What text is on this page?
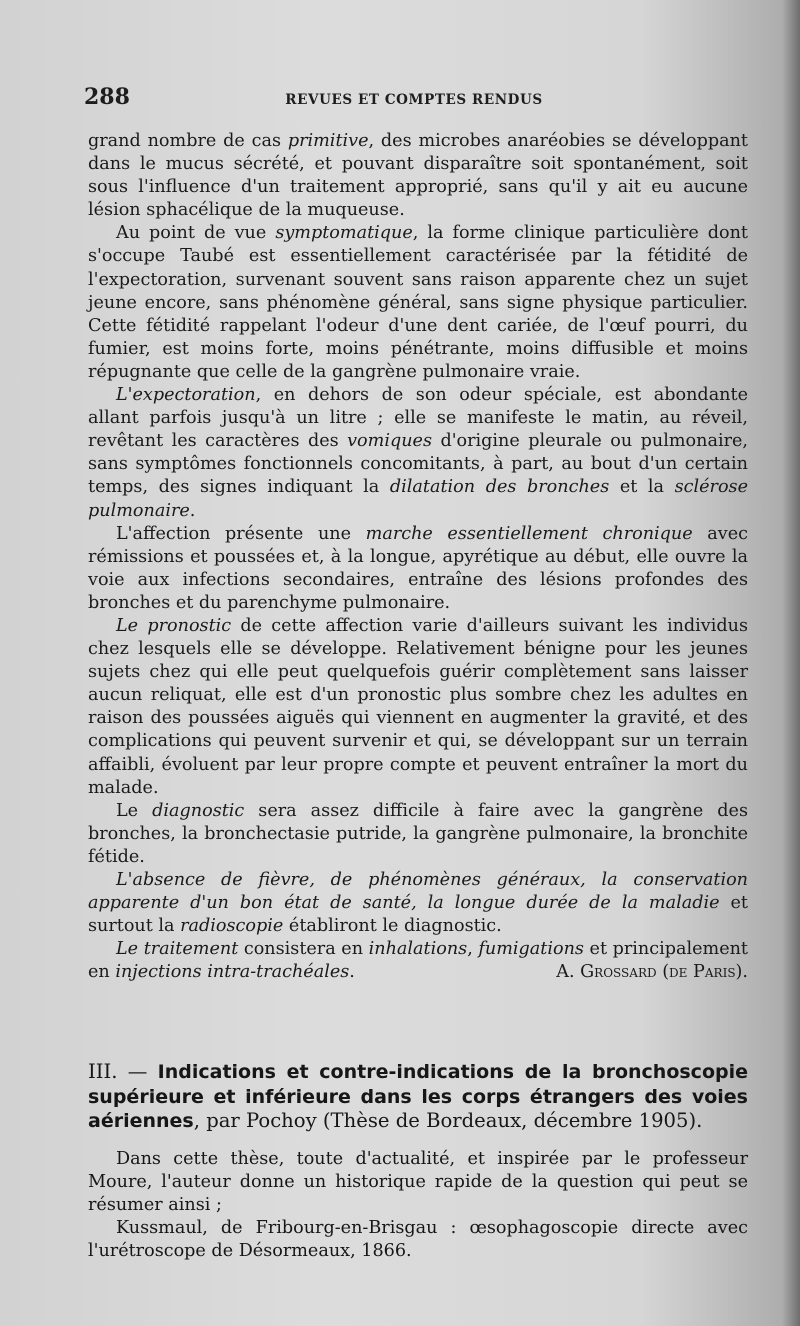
288	REVUES ET COMPTES RENDUS

grand nombre de cas primitive, des microbes anaréobies se développant dans le mucus sécrété, et pouvant disparaître soit spontanément, soit sous l'influence d'un traitement approprié, sans qu'il y ait eu aucune lésion sphacélique de la muqueuse.

Au point de vue symptomatique, la forme clinique particulière dont s'occupe Taubé est essentiellement caractérisée par la fétidité de l'expectoration, survenant souvent sans raison apparente chez un sujet jeune encore, sans phénomène général, sans signe physique particulier. Cette fétidité rappelant l'odeur d'une dent cariée, de l'œuf pourri, du fumier, est moins forte, moins pénétrante, moins diffusible et moins répugnante que celle de la gangrène pulmonaire vraie.

L'expectoration, en dehors de son odeur spéciale, est abondante allant parfois jusqu'à un litre ; elle se manifeste le matin, au réveil, revêtant les caractères des vomiques d'origine pleurale ou pulmonaire, sans symptômes fonctionnels concomitants, à part, au bout d'un certain temps, des signes indiquant la dilatation des bronches et la sclérose pulmonaire.

L'affection présente une marche essentiellement chronique avec rémissions et poussées et, à la longue, apyrétique au début, elle ouvre la voie aux infections secondaires, entraîne des lésions profondes des bronches et du parenchyme pulmonaire.

Le pronostic de cette affection varie d'ailleurs suivant les individus chez lesquels elle se développe. Relativement bénigne pour les jeunes sujets chez qui elle peut quelquefois guérir complètement sans laisser aucun reliquat, elle est d'un pronostic plus sombre chez les adultes en raison des poussées aiguës qui viennent en augmenter la gravité, et des complications qui peuvent survenir et qui, se développant sur un terrain affaibli, évoluent par leur propre compte et peuvent entraîner la mort du malade.

Le diagnostic sera assez difficile à faire avec la gangrène des bronches, la bronchectasie putride, la gangrène pulmonaire, la bronchite fétide.

L'absence de fièvre, de phénomènes généraux, la conservation apparente d'un bon état de santé, la longue durée de la maladie et surtout la radioscopie établiront le diagnostic.

Le traitement consistera en inhalations, fumigations et principalement en injections intra-trachéales.	A. Grossard (de Paris).

III. — Indications et contre-indications de la bronchoscopie supérieure et inférieure dans les corps étrangers des voies aériennes, par Pochoy (Thèse de Bordeaux, décembre 1905).

Dans cette thèse, toute d'actualité, et inspirée par le professeur Moure, l'auteur donne un historique rapide de la question qui peut se résumer ainsi ;

Kussmaul, de Fribourg-en-Brisgau : œsophagoscopie directe avec l'urétroscope de Désormeaux, 1866.
